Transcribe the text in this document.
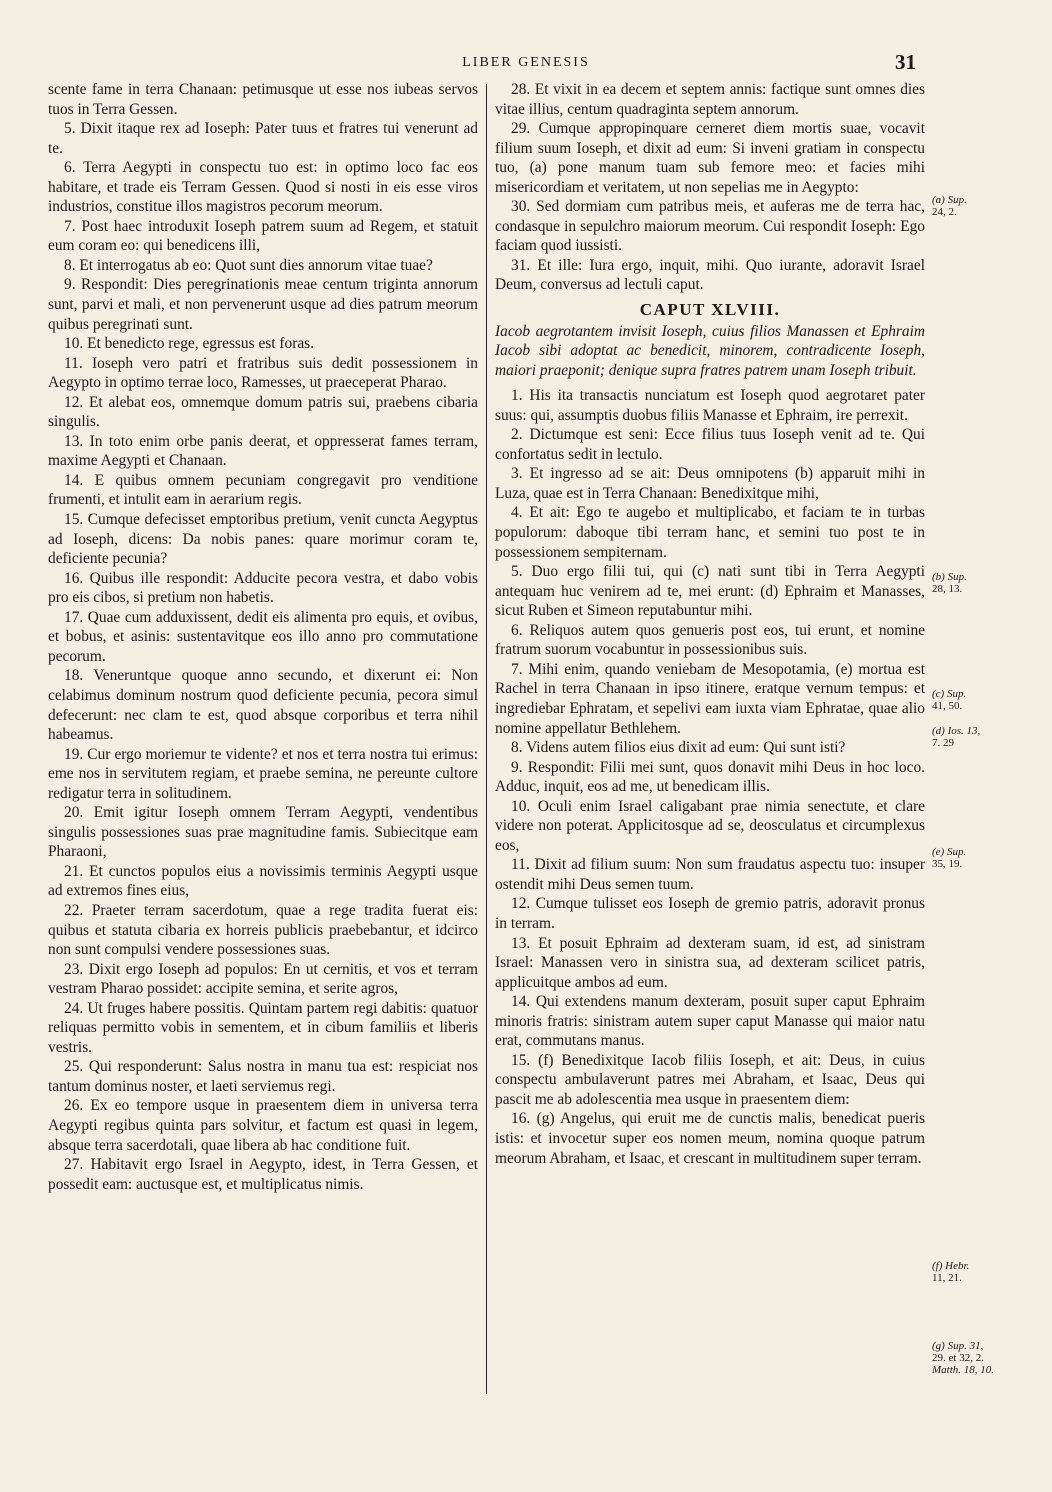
LIBER GENESIS	31

scente fame in terra Chanaan: petimusque ut esse nos iubeas servos tuos in Terra Gessen.

5. Dixit itaque rex ad Ioseph: Pater tuus et fratres tui venerunt ad te.

6. Terra Aegypti in conspectu tuo est: in optimo loco fac eos habitare, et trade eis Terram Gessen. Quod si nosti in eis esse viros industrios, constitue illos magistros pecorum meorum.

7. Post haec introduxit Ioseph patrem suum ad Regem, et statuit eum coram eo: qui benedicens illi,

8. Et interrogatus ab eo: Quot sunt dies annorum vitae tuae?

9. Respondit: Dies peregrinationis meae centum triginta annorum sunt, parvi et mali, et non pervenerunt usque ad dies patrum meorum quibus peregrinati sunt.

10. Et benedicto rege, egressus est foras.

11. Ioseph vero patri et fratribus suis dedit possessionem in Aegypto in optimo terrae loco, Ramesses, ut praeceperat Pharao.

12. Et alebat eos, omnemque domum patris sui, praebens cibaria singulis.

13. In toto enim orbe panis deerat, et oppresserat fames terram, maxime Aegypti et Chanaan.

14. E quibus omnem pecuniam congregavit pro venditione frumenti, et intulit eam in aerarium regis.

15. Cumque defecisset emptoribus pretium, venit cuncta Aegyptus ad Ioseph, dicens: Da nobis panes: quare morimur coram te, deficiente pecunia?

16. Quibus ille respondit: Adducite pecora vestra, et dabo vobis pro eis cibos, si pretium non habetis.

17. Quae cum adduxissent, dedit eis alimenta pro equis, et ovibus, et bobus, et asinis: sustentavitque eos illo anno pro commutatione pecorum.

18. Veneruntque quoque anno secundo, et dixerunt ei: Non celabimus dominum nostrum quod deficiente pecunia, pecora simul defecerunt: nec clam te est, quod absque corporibus et terra nihil habeamus.

19. Cur ergo moriemur te vidente? et nos et terra nostra tui erimus: eme nos in servitutem regiam, et praebe semina, ne pereunte cultore redigatur terra in solitudinem.

20. Emit igitur Ioseph omnem Terram Aegypti, vendentibus singulis possessiones suas prae magnitudine famis. Subiecitque eam Pharaoni,

21. Et cunctos populos eius a novissimis terminis Aegypti usque ad extremos fines eius,

22. Praeter terram sacerdotum, quae a rege tradita fuerat eis: quibus et statuta cibaria ex horreis publicis praebebantur, et idcirco non sunt compulsi vendere possessiones suas.

23. Dixit ergo Ioseph ad populos: En ut cernitis, et vos et terram vestram Pharao possidet: accipite semina, et serite agros,

24. Ut fruges habere possitis. Quintam partem regi dabitis: quatuor reliquas permitto vobis in sementem, et in cibum familiis et liberis vestris.

25. Qui responderunt: Salus nostra in manu tua est: respiciat nos tantum dominus noster, et laeti serviemus regi.

26. Ex eo tempore usque in praesentem diem in universa terra Aegypti regibus quinta pars solvitur, et factum est quasi in legem, absque terra sacerdotali, quae libera ab hac conditione fuit.

27. Habitavit ergo Israel in Aegypto, idest, in Terra Gessen, et possedit eam: auctusque est, et multiplicatus nimis.

28. Et vixit in ea decem et septem annis: factique sunt omnes dies vitae illius, centum quadraginta septem annorum.

29. Cumque appropinquare cerneret diem mortis suae, vocavit filium suum Ioseph, et dixit ad eum: Si inveni gratiam in conspectu tuo, (a) pone manum tuam sub femore meo: et facies mihi misericordiam et veritatem, ut non sepelias me in Aegypto:

30. Sed dormiam cum patribus meis, et auferas me de terra hac, condasque in sepulchro maiorum meorum. Cui respondit Ioseph: Ego faciam quod iussisti.

31. Et ille: Iura ergo, inquit, mihi. Quo iurante, adoravit Israel Deum, conversus ad lectuli caput.

CAPUT XLVIII.

Iacob aegrotantem invisit Ioseph, cuius filios Manassen et Ephraim Iacob sibi adoptat ac benedicit, minorem, contradicente Ioseph, maiori praeponit; denique supra fratres patrem unam Ioseph tribuit.

1. His ita transactis nunciatum est Ioseph quod aegrotaret pater suus: qui, assumptis duobus filiis Manasse et Ephraim, ire perrexit.

2. Dictumque est seni: Ecce filius tuus Ioseph venit ad te. Qui confortatus sedit in lectulo.

3. Et ingresso ad se ait: Deus omnipotens (b) apparuit mihi in Luza, quae est in Terra Chanaan: Benedixitque mihi,

4. Et ait: Ego te augebo et multiplicabo, et faciam te in turbas populorum: daboque tibi terram hanc, et semini tuo post te in possessionem sempiternam.

5. Duo ergo filii tui, qui (c) nati sunt tibi in Terra Aegypti antequam huc venirem ad te, mei erunt: (d) Ephraim et Manasses, sicut Ruben et Simeon reputabuntur mihi.

6. Reliquos autem quos genueris post eos, tui erunt, et nomine fratrum suorum vocabuntur in possessionibus suis.

7. Mihi enim, quando veniebam de Mesopotamia, (e) mortua est Rachel in terra Chanaan in ipso itinere, eratque vernum tempus: et ingrediebar Ephratam, et sepelivi eam iuxta viam Ephratae, quae alio nomine appellatur Bethlehem.

8. Videns autem filios eius dixit ad eum: Qui sunt isti?

9. Respondit: Filii mei sunt, quos donavit mihi Deus in hoc loco. Adduc, inquit, eos ad me, ut benedicam illis.

10. Oculi enim Israel caligabant prae nimia senectute, et clare videre non poterat. Applicitosque ad se, deosculatus et circumplexus eos,

11. Dixit ad filium suum: Non sum fraudatus aspectu tuo: insuper ostendit mihi Deus semen tuum.

12. Cumque tulisset eos Ioseph de gremio patris, adoravit pronus in terram.

13. Et posuit Ephraim ad dexteram suam, id est, ad sinistram Israel: Manassen vero in sinistra sua, ad dexteram scilicet patris, applicuitque ambos ad eum.

14. Qui extendens manum dexteram, posuit super caput Ephraim minoris fratris: sinistram autem super caput Manasse qui maior natu erat, commutans manus.

15. (f) Benedixitque Iacob filiis Ioseph, et ait: Deus, in cuius conspectu ambulaverunt patres mei Abraham, et Isaac, Deus qui pascit me ab adolescentia mea usque in praesentem diem:

16. (g) Angelus, qui eruit me de cunctis malis, benedicat pueris istis: et invocetur super eos nomen meum, nomina quoque patrum meorum Abraham, et Isaac, et crescant in multitudinem super terram.

(a) Sup.
24, 2.
(b) Sup.
28, 13.
(c) Sup.
41, 50.
(d) Ios. 13,
7. 29
(e) Sup.
35, 19.
(f) Hebr.
11, 21.
(g) Sup. 31,
29. et 32, 2.
Matth. 18, 10.
